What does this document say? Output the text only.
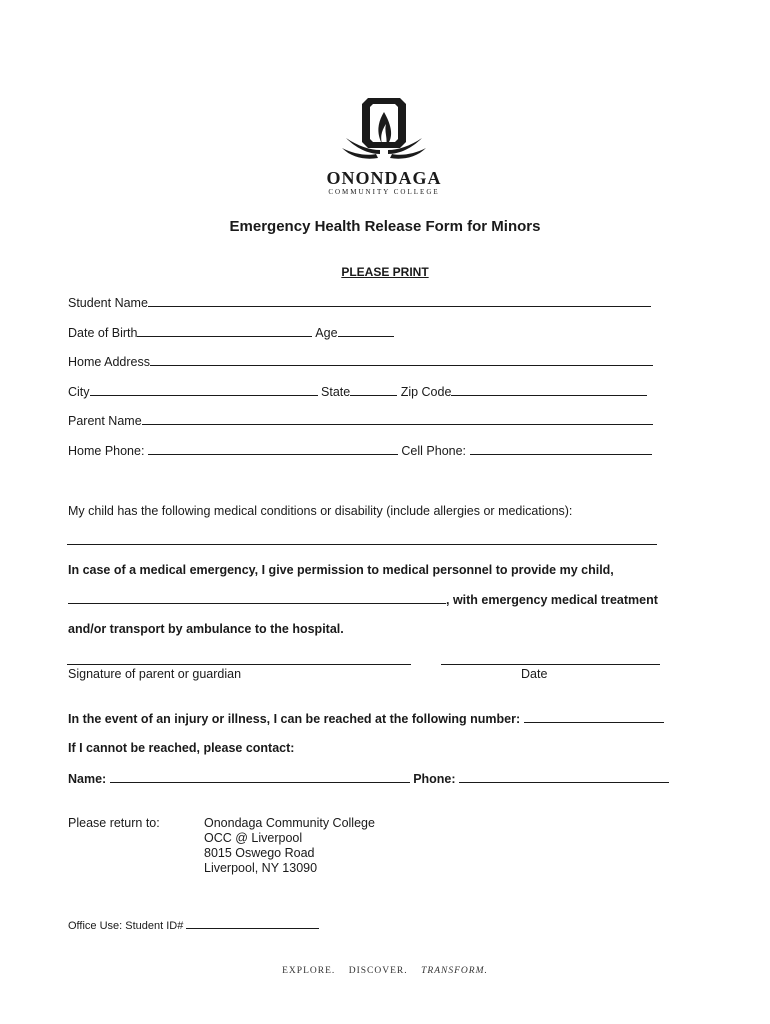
ONONDAGA
COMMUNITY COLLEGE
Emergency Health Release Form for Minors
PLEASE PRINT
Student Name
Date of Birth	Age
Home Address
City	State	Zip Code
Parent Name
Home Phone:	Cell Phone:
My child has the following medical conditions or disability (include allergies or medications):
In case of a medical emergency, I give permission to medical personnel to provide my child,
, with emergency medical treatment
and/or transport by ambulance to the hospital.
Signature of parent or guardian	Date
In the event of an injury or illness, I can be reached at the following number:
If I cannot be reached, please contact:
Name:	Phone:
Please return to:	Onondaga Community College
OCC @ Liverpool
8015 Oswego Road
Liverpool, NY 13090
Office Use: Student ID#
EXPLORE. DISCOVER. TRANSFORM.
